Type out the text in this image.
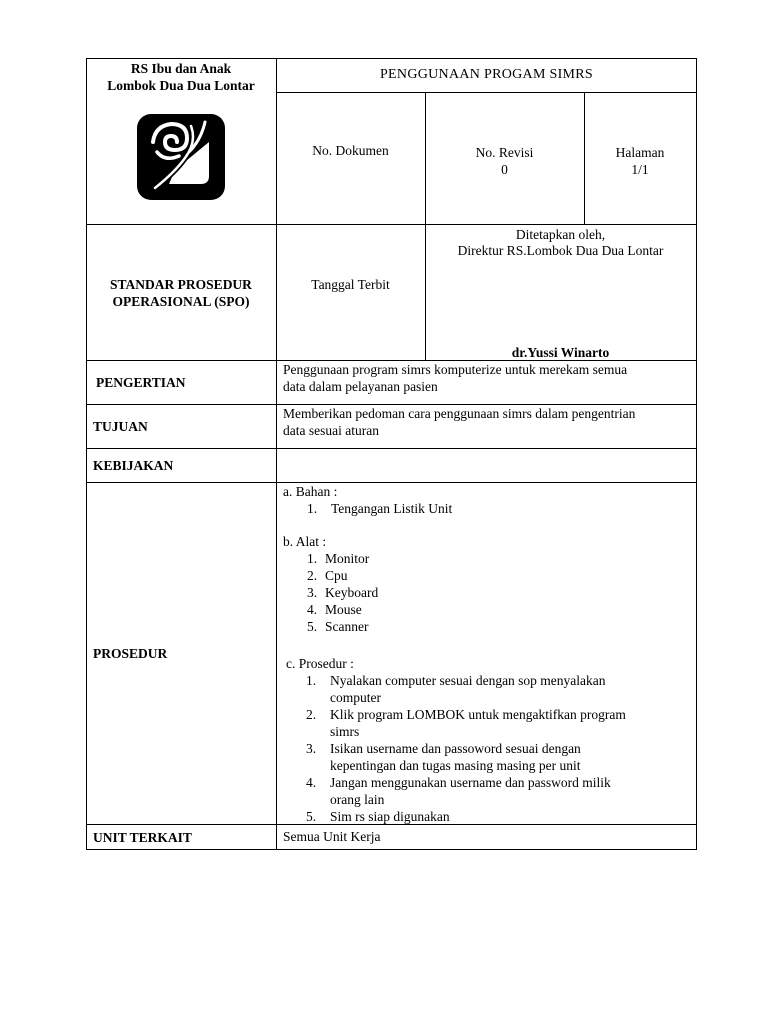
RS Ibu dan Anak
Lombok Dua Dua Lontar
PENGGUNAAN PROGAM SIMRS
No. Dokumen	No. Revisi
0
Halaman
1/1
STANDAR PROSEDUR
OPERASIONAL (SPO)
Tanggal Terbit
Ditetapkan oleh,
Direktur RS.Lombok Dua Dua Lontar
dr.Yussi Winarto
PENGERTIAN
Penggunaan program simrs komputerize untuk merekam semua
data dalam pelayanan pasien
TUJUAN
Memberikan pedoman cara penggunaan simrs dalam pengentrian
data sesuai aturan
KEBIJAKAN
PROSEDUR
a. Bahan :
1. Tengangan Listik Unit
b. Alat :
1. Monitor
2. Cpu
3. Keyboard
4. Mouse
5. Scanner
c. Prosedur :
1. Nyalakan computer sesuai dengan sop menyalakan
computer
2. Klik program LOMBOK untuk mengaktifkan program
simrs
3. Isikan username dan passoword sesuai dengan
kepentingan dan tugas masing masing per unit
4. Jangan menggunakan username dan password milik
orang lain
5. Sim rs siap digunakan
UNIT TERKAIT	Semua Unit Kerja
